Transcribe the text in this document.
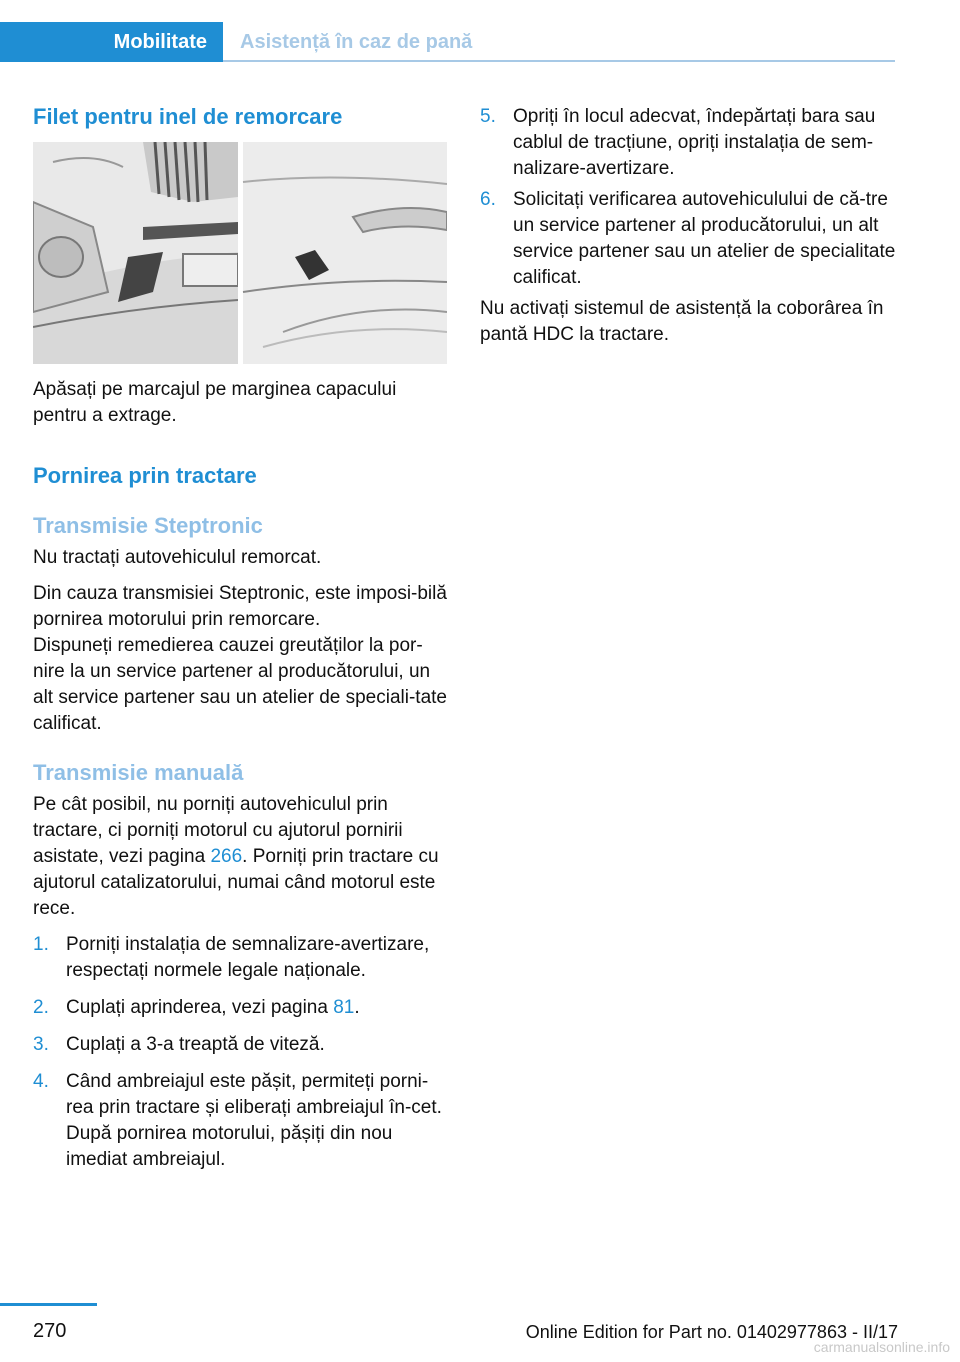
Mobilitate Asistență în caz de pană
Filet pentru inel de remorcare

Apăsați pe marcajul pe marginea capacului pentru a extrage.

Pornirea prin tractare
Transmisie Steptronic

Nu tractați autovehiculul remorcat.

Din cauza transmisiei Steptronic, este imposi-bilă pornirea motorului prin remorcare.

Dispuneți remedierea cauzei greutăților la por-nire la un service partener al producătorului, un alt service partener sau un atelier de speciali-tate calificat.

Transmisie manuală

Pe cât posibil, nu porniți autovehiculul prin tractare, ci porniți motorul cu ajutorul pornirii asistate, vezi pagina 266. Porniți prin tractare cu ajutorul catalizatorului, numai când motorul este rece.

1. Porniți instalația de semnalizare-avertizare, respectați normele legale naționale.
2. Cuplați aprinderea, vezi pagina 81.
3. Cuplați a 3-a treaptă de viteză.
4. Când ambreiajul este pășit, permiteți porni-rea prin tractare și eliberați ambreiajul în-cet. După pornirea motorului, pășiți din nou imediat ambreiajul.
5. Opriți în locul adecvat, îndepărtați bara sau cablul de tracțiune, opriți instalația de sem-nalizare-avertizare.
6. Solicitați verificarea autovehiculului de că-tre un service partener al producătorului, un alt service partener sau un atelier de specialitate calificat.

Nu activați sistemul de asistență la coborârea în pantă HDC la tractare.

270	Online Edition for Part no. 01402977863 - II/17
carmanualsonline.info
